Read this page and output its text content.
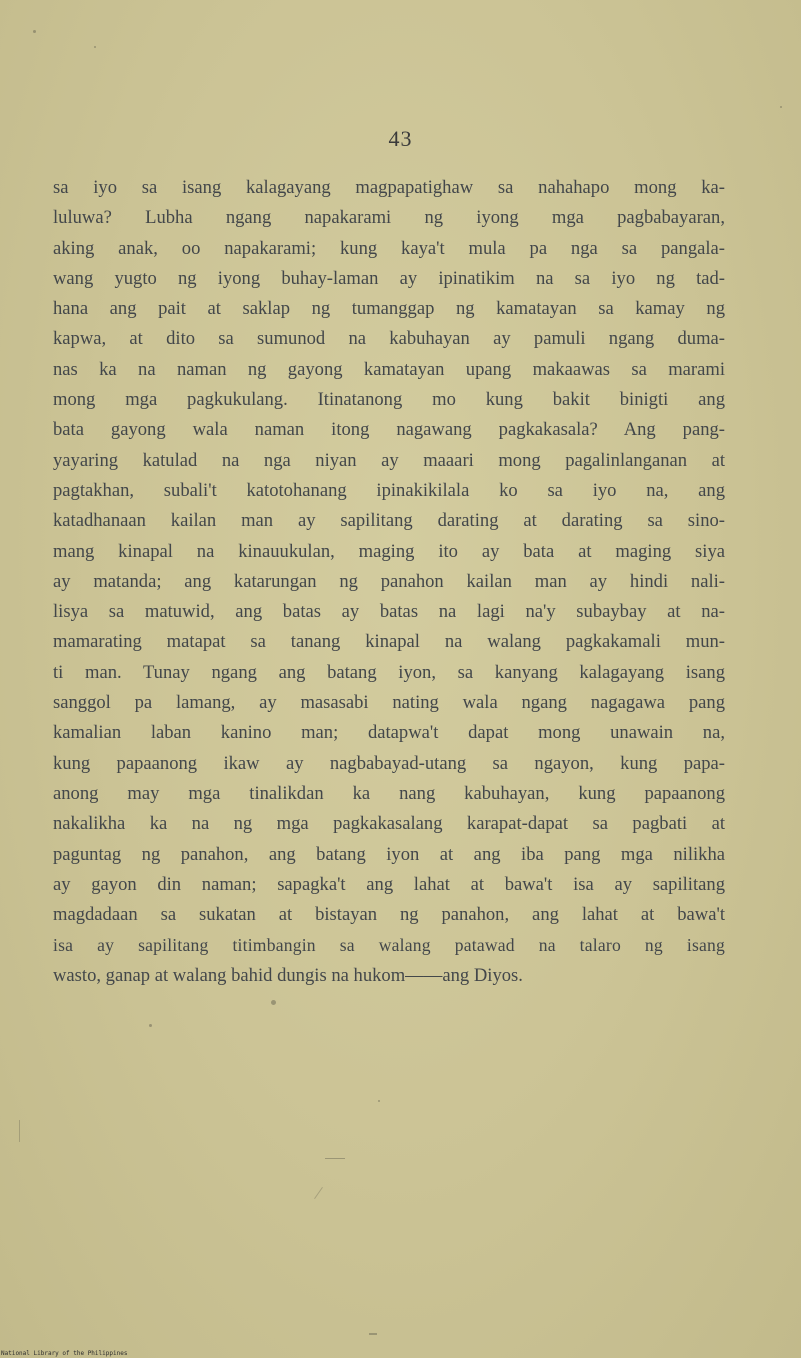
43
sa iyo sa isang kalagayang magpapatighaw sa nahahapo mong ka-
luluwa? Lubha ngang napakarami ng iyong mga pagbabayaran,
aking anak, oo napakarami; kung kaya't mula pa nga sa pangala-
wang yugto ng iyong buhay-laman ay ipinatikim na sa iyo ng tad-
hana ang pait at saklap ng tumanggap ng kamatayan sa kamay ng
kapwa, at dito sa sumunod na kabuhayan ay pamuli ngang duma-
nas ka na naman ng gayong kamatayan upang makaawas sa marami
mong mga pagkukulang. Itinatanong mo kung bakit binigti ang
bata gayong wala naman itong nagawang pagkakasala? Ang pang-
yayaring katulad na nga niyan ay maaari mong pagalinlanganan at
pagtakhan, subali't katotohanang ipinakikilala ko sa iyo na, ang
katadhanaan kailan man ay sapilitang darating at darating sa sino-
mang kinapal na kinauukulan, maging ito ay bata at maging siya
ay matanda; ang katarungan ng panahon kailan man ay hindi nali-
lisya sa matuwid, ang batas ay batas na lagi na'y subaybay at na-
mamarating matapat sa tanang kinapal na walang pagkakamali mun-
ti man. Tunay ngang ang batang iyon, sa kanyang kalagayang isang
sanggol pa lamang, ay masasabi nating wala ngang nagagawa pang
kamalian laban kanino man; datapwa't dapat mong unawain na,
kung papaanong ikaw ay nagbabayad-utang sa ngayon, kung papa-
anong may mga tinalikdan ka nang kabuhayan, kung papaanong
nakalikha ka na ng mga pagkakasalang karapat-dapat sa pagbati at
paguntag ng panahon, ang batang iyon at ang iba pang mga nilikha
ay gayon din naman; sapagka't ang lahat at bawa't isa ay sapilitang
magdadaan sa sukatan at bistayan ng panahon, ang lahat at bawa't
isa ay sapilitang titimbangin sa walang patawad na talaro ng isang
wasto, ganap at walang bahid dungis na hukom——ang Diyos.
National Library of the Philippines
